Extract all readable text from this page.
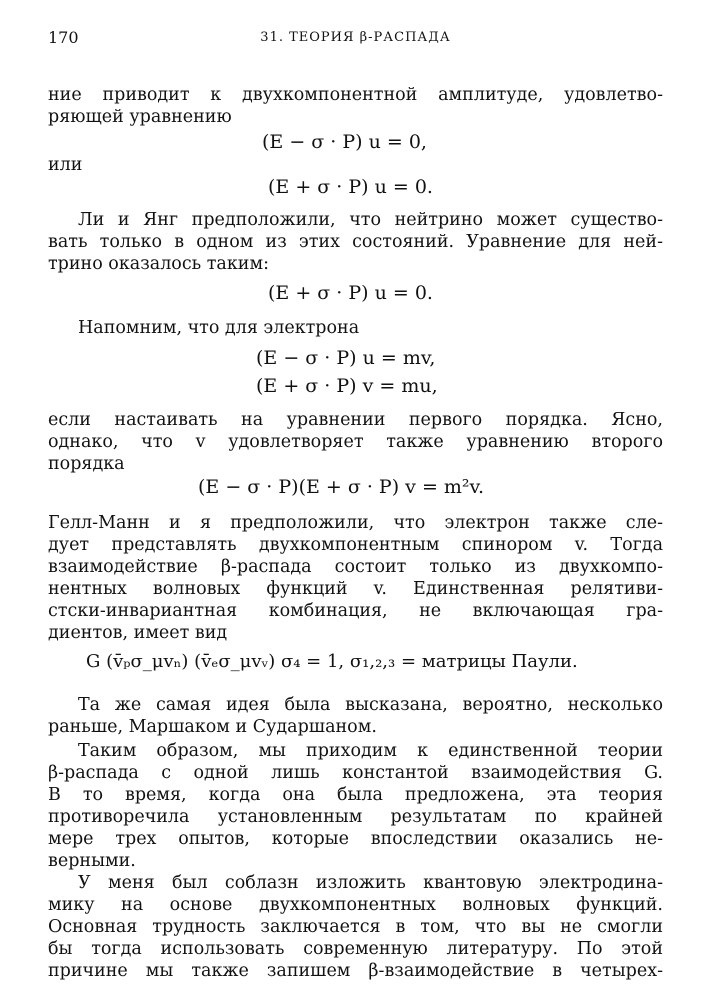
170	31. ТЕОРИЯ β-РАСПАДА
ние приводит к двухкомпонентной амплитуде, удовлетво-
ряющей уравнению
(E − σ · P) u = 0,
или
(E + σ · P) u = 0.
Ли и Янг предположили, что нейтрино может существо-
вать только в одном из этих состояний. Уравнение для ней-
трино оказалось таким:
(E + σ · P) u = 0.
Напомним, что для электрона
(E − σ · P) u = mv,
(E + σ · P) v = mu,
если настаивать на уравнении первого порядка. Ясно,
однако, что v удовлетворяет также уравнению второго
порядка
(E − σ · P)(E + σ · P) v = m²v.
Гелл-Манн и я предположили, что электрон также сле-
дует представлять двухкомпонентным спинором v. Тогда
взаимодействие β-распада состоит только из двухкомпо-
нентных волновых функций v. Единственная релятиви-
стски-инвариантная комбинация, не включающая гра-
диентов, имеет вид
G (v̄ₚσ_μvₙ) (v̄ₑσ_μvᵥ) σ₄ = 1, σ₁,₂,₃ = матрицы Паули.
Та же самая идея была высказана, вероятно, несколько
раньше, Маршаком и Сударшаном.
Таким образом, мы приходим к единственной теории
β-распада с одной лишь константой взаимодействия G.
В то время, когда она была предложена, эта теория
противоречила установленным результатам по крайней
мере трех опытов, которые впоследствии оказались не-
верными.
У меня был соблазн изложить квантовую электродина-
мику на основе двухкомпонентных волновых функций.
Основная трудность заключается в том, что вы не смогли
бы тогда использовать современную литературу. По этой
причине мы также запишем β-взаимодействие в четырех-
